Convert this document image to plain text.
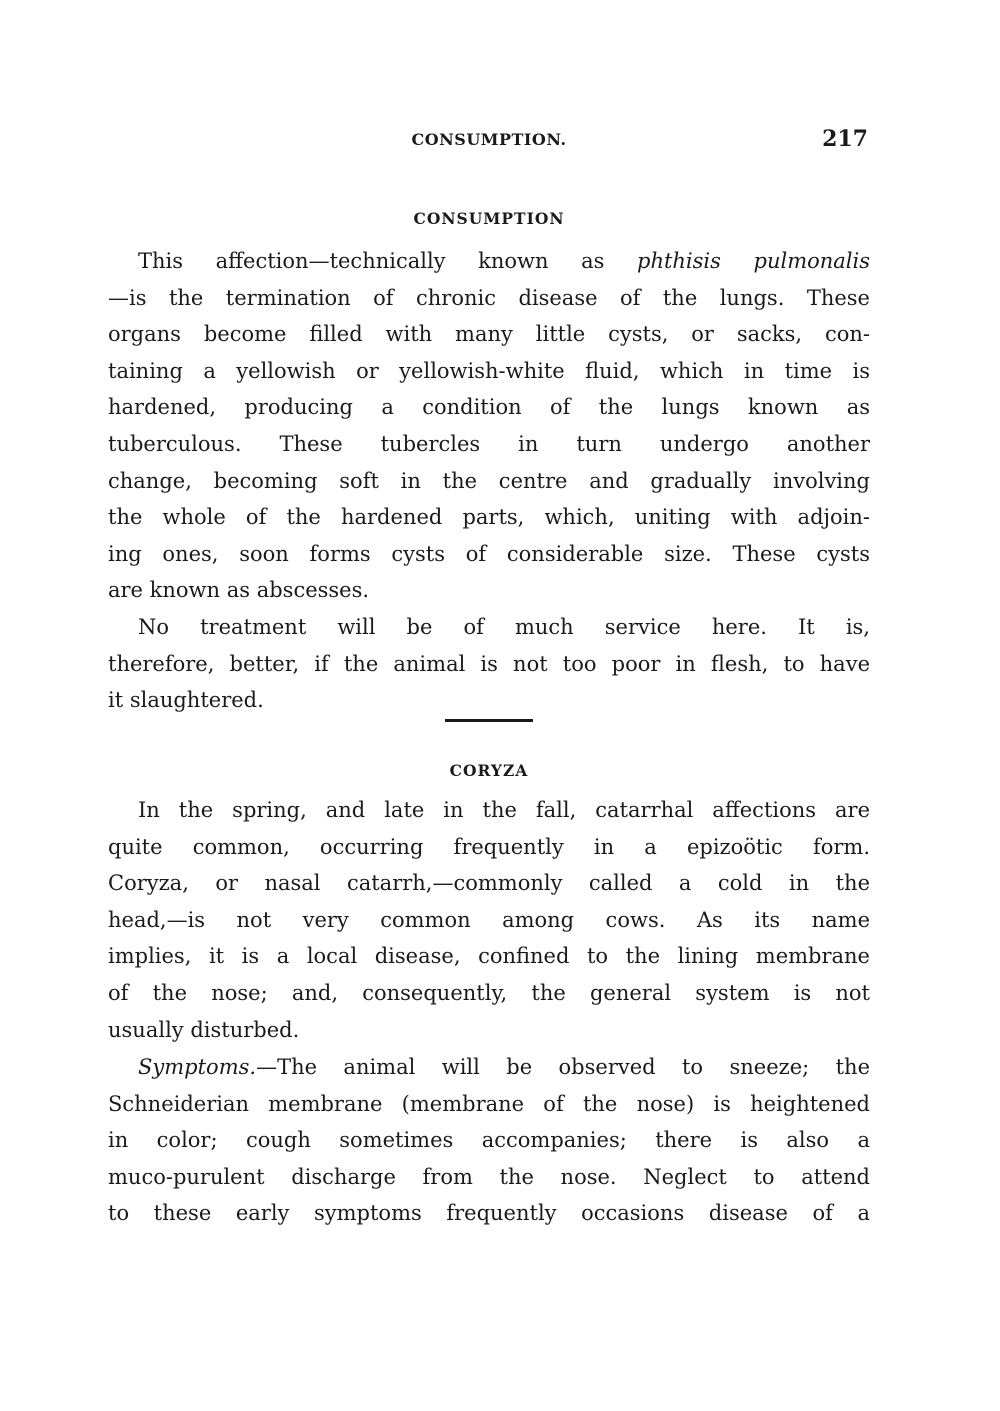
CONSUMPTION.	217
CONSUMPTION
This affection—technically known as phthisis pulmonalis
—is the termination of chronic disease of the lungs. These
organs become filled with many little cysts, or sacks, con-
taining a yellowish or yellowish-white fluid, which in time is
hardened, producing a condition of the lungs known as
tuberculous. These tubercles in turn undergo another
change, becoming soft in the centre and gradually involving
the whole of the hardened parts, which, uniting with adjoin-
ing ones, soon forms cysts of considerable size. These cysts
are known as abscesses.
No treatment will be of much service here. It is,
therefore, better, if the animal is not too poor in flesh, to have
it slaughtered.
CORYZA
In the spring, and late in the fall, catarrhal affections are
quite common, occurring frequently in a epizoötic form.
Coryza, or nasal catarrh,—commonly called a cold in the
head,—is not very common among cows. As its name
implies, it is a local disease, confined to the lining membrane
of the nose; and, consequently, the general system is not
usually disturbed.
Symptoms.—The animal will be observed to sneeze; the
Schneiderian membrane (membrane of the nose) is heightened
in color; cough sometimes accompanies; there is also a
muco-purulent discharge from the nose. Neglect to attend
to these early symptoms frequently occasions disease of a
